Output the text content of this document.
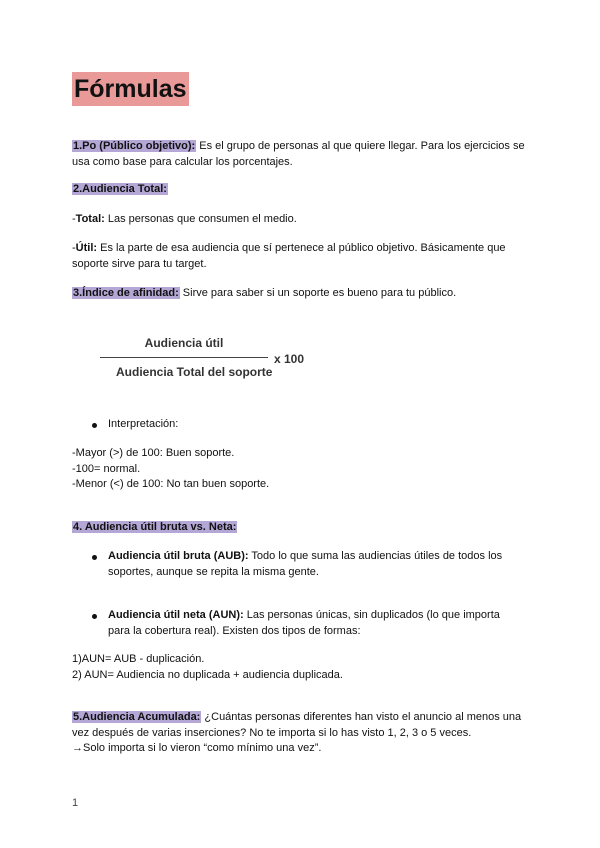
Fórmulas
1.Po (Público objetivo): Es el grupo de personas al que quiere llegar. Para los ejercicios se
usa como base para calcular los porcentajes.
2.Audiencia Total:
-Total: Las personas que consumen el medio.
-Útil: Es la parte de esa audiencia que sí pertenece al público objetivo. Básicamente que
soporte sirve para tu target.
3.Índice de afinidad: Sirve para saber si un soporte es bueno para tu público.
Audiencia útil
Audiencia Total del soporte
x 100
Interpretación:
-Mayor (>) de 100: Buen soporte.
-100= normal.
-Menor (<) de 100: No tan buen soporte.
4. Audiencia útil bruta vs. Neta:
Audiencia útil bruta (AUB): Todo lo que suma las audiencias útiles de todos los
soportes, aunque se repita la misma gente.
Audiencia útil neta (AUN): Las personas únicas, sin duplicados (lo que importa
para la cobertura real). Existen dos tipos de formas:
1)AUN= AUB - duplicación.
2) AUN= Audiencia no duplicada + audiencia duplicada.
5.Audiencia Acumulada: ¿Cuántas personas diferentes han visto el anuncio al menos una
vez después de varias inserciones? No te importa si lo has visto 1, 2, 3 o 5 veces.
→Solo importa si lo vieron “como mínimo una vez”.
1
